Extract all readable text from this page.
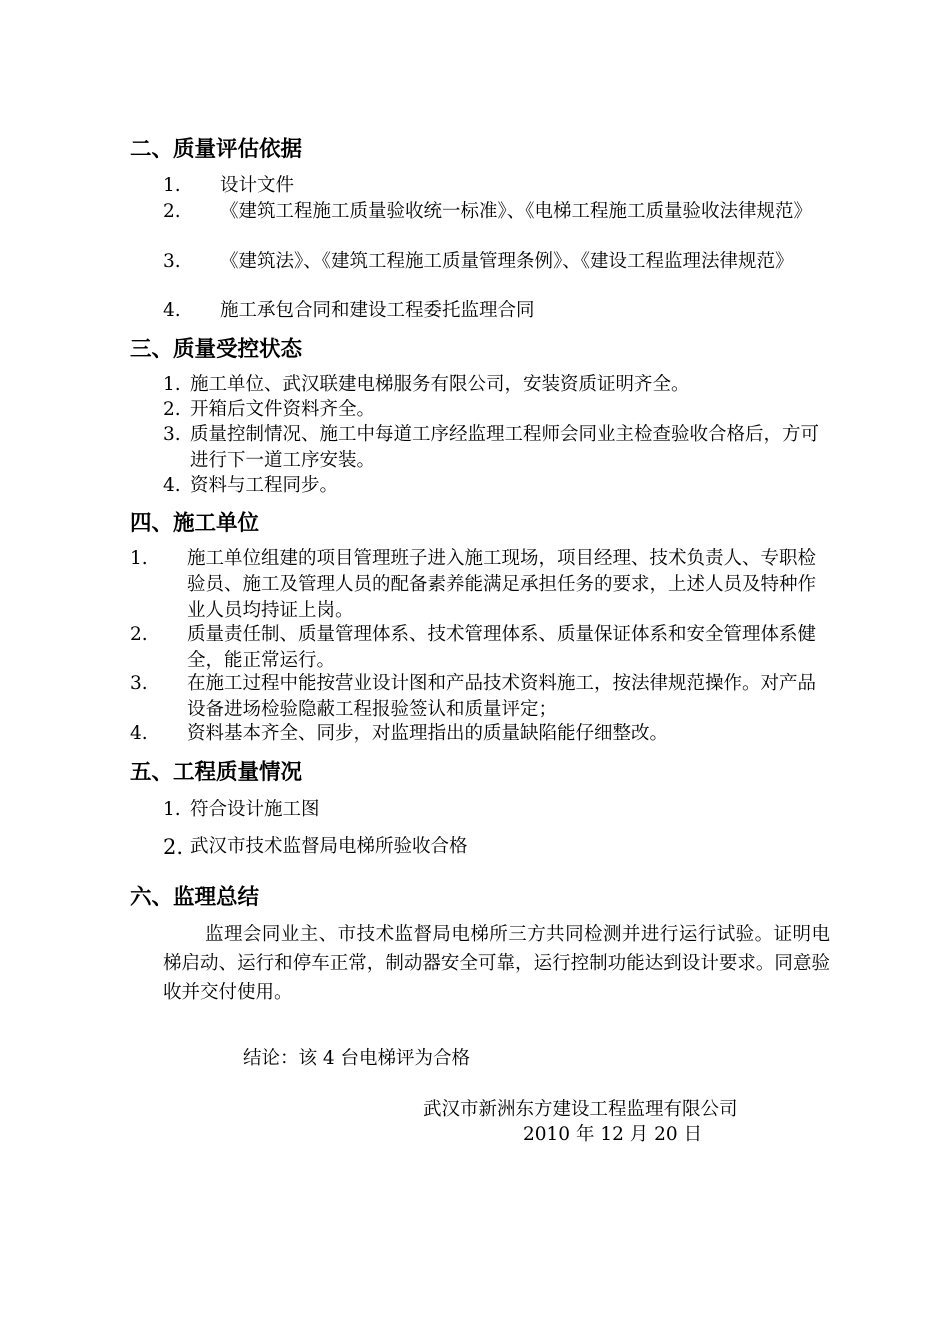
二、质量评估依据
1. 设计文件
2. 《建筑工程施工质量验收统一标准》、《电梯工程施工质量验收法律规范》
3. 《建筑法》、《建筑工程施工质量管理条例》、《建设工程监理法律规范》
4. 施工承包合同和建设工程委托监理合同
三、质量受控状态
1. 施工单位、武汉联建电梯服务有限公司，安装资质证明齐全。
2. 开箱后文件资料齐全。
3. 质量控制情况、施工中每道工序经监理工程师会同业主检查验收合格后，方可进行下一道工序安装。
4. 资料与工程同步。
四、施工单位
1. 施工单位组建的项目管理班子进入施工现场，项目经理、技术负责人、专职检验员、施工及管理人员的配备素养能满足承担任务的要求，上述人员及特种作业人员均持证上岗。
2. 质量责任制、质量管理体系、技术管理体系、质量保证体系和安全管理体系健全，能正常运行。
3. 在施工过程中能按营业设计图和产品技术资料施工，按法律规范操作。对产品设备进场检验隐蔽工程报验签认和质量评定；
4. 资料基本齐全、同步，对监理指出的质量缺陷能仔细整改。
五、工程质量情况
1. 符合设计施工图
2. 武汉市技术监督局电梯所验收合格
六、监理总结
监理会同业主、市技术监督局电梯所三方共同检测并进行运行试验。证明电梯启动、运行和停车正常，制动器安全可靠，运行控制功能达到设计要求。同意验收并交付使用。
结论：该 4 台电梯评为合格
武汉市新洲东方建设工程监理有限公司
2010 年 12 月 20 日
